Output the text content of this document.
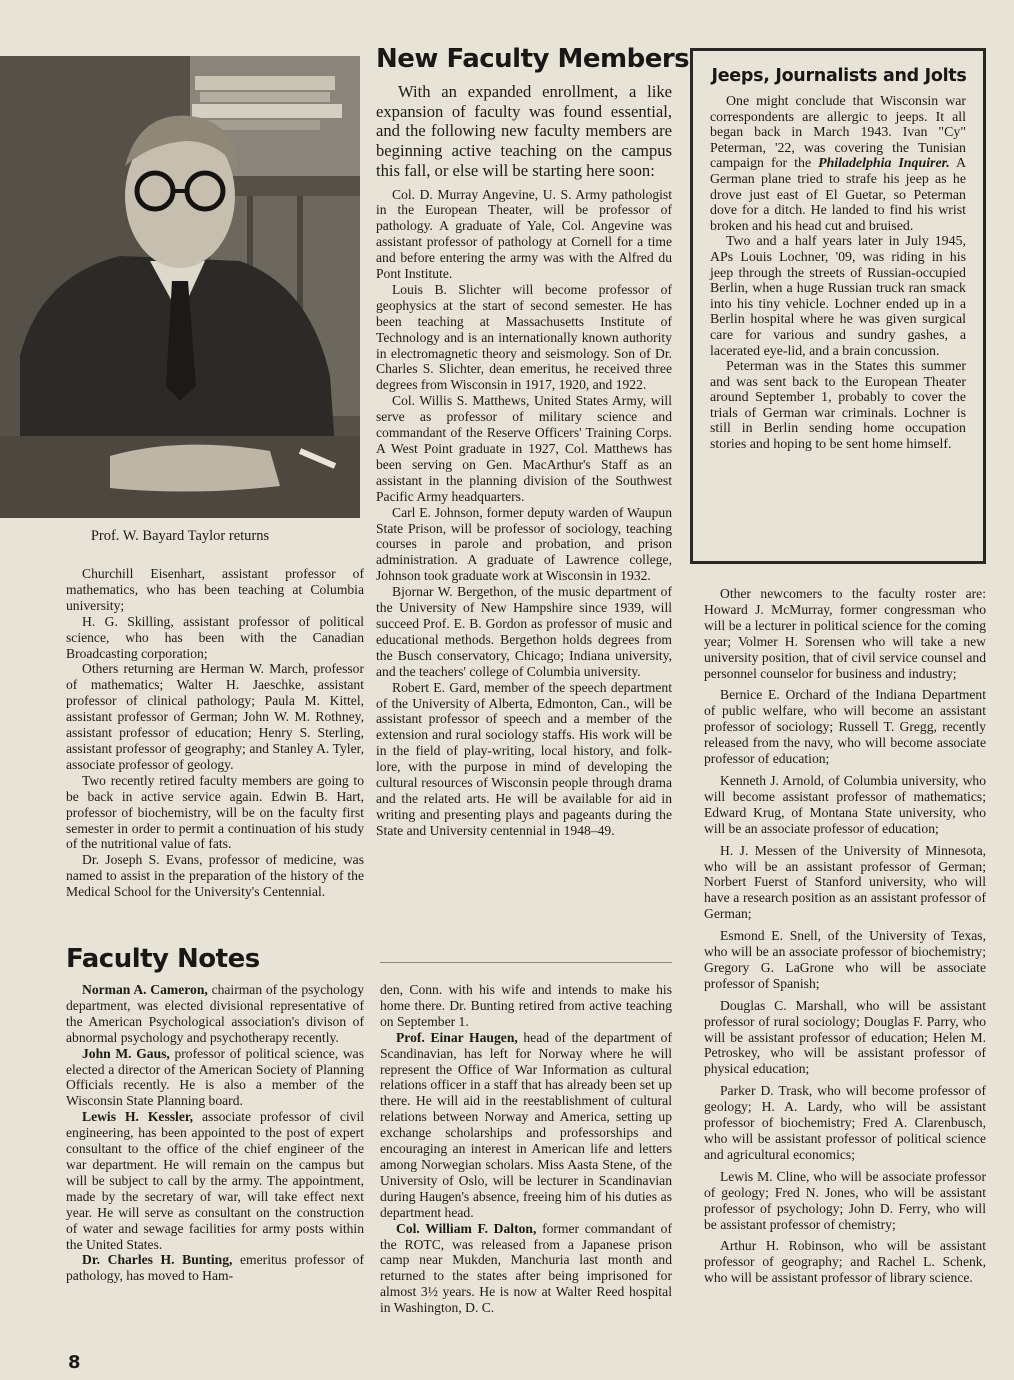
Prof. W. Bayard Taylor returns
New Faculty Members

With an expanded enrollment, a like expansion of faculty was found essential, and the following new faculty members are beginning active teaching on the campus this fall, or else will be starting here soon:

Col. D. Murray Angevine, U. S. Army pathologist in the European Theater, will be professor of pathology. A graduate of Yale, Col. Angevine was assistant professor of pathology at Cornell for a time and before entering the army was with the Alfred du Pont Institute.

Louis B. Slichter will become professor of geophysics at the start of second semester. He has been teaching at Massachusetts Institute of Technology and is an internationally known authority in electromagnetic theory and seismology. Son of Dr. Charles S. Slichter, dean emeritus, he received three degrees from Wisconsin in 1917, 1920, and 1922.

Col. Willis S. Matthews, United States Army, will serve as professor of military science and commandant of the Reserve Officers' Training Corps. A West Point graduate in 1927, Col. Matthews has been serving on Gen. MacArthur's Staff as an assistant in the planning division of the Southwest Pacific Army headquarters.

Carl E. Johnson, former deputy warden of Waupun State Prison, will be professor of sociology, teaching courses in parole and probation, and prison administration. A graduate of Lawrence college, Johnson took graduate work at Wisconsin in 1932.

Bjornar W. Bergethon, of the music department of the University of New Hampshire since 1939, will succeed Prof. E. B. Gordon as professor of music and educational methods. Bergethon holds degrees from the Busch conservatory, Chicago; Indiana university, and the teachers' college of Columbia university.

Robert E. Gard, member of the speech department of the University of Alberta, Edmonton, Can., will be assistant professor of speech and a member of the extension and rural sociology staffs. His work will be in the field of play-writing, local history, and folk-lore, with the purpose in mind of developing the cultural resources of Wisconsin people through drama and the related arts. He will be available for aid in writing and presenting plays and pageants during the State and University centennial in 1948–49.

Churchill Eisenhart, assistant professor of mathematics, who has been teaching at Columbia university;

H. G. Skilling, assistant professor of political science, who has been with the Canadian Broadcasting corporation;

Others returning are Herman W. March, professor of mathematics; Walter H. Jaeschke, assistant professor of clinical pathology; Paula M. Kittel, assistant professor of German; John W. M. Rothney, assistant professor of education; Henry S. Sterling, assistant professor of geography; and Stanley A. Tyler, associate professor of geology.

Two recently retired faculty members are going to be back in active service again. Edwin B. Hart, professor of biochemistry, will be on the faculty first semester in order to permit a continuation of his study of the nutritional value of fats.

Dr. Joseph S. Evans, professor of medicine, was named to assist in the preparation of the history of the Medical School for the University's Centennial.

Faculty Notes

Norman A. Cameron, chairman of the psychology department, was elected divisional representative of the American Psychological association's divison of abnormal psychology and psychotherapy recently.

John M. Gaus, professor of political science, was elected a director of the American Society of Planning Officials recently. He is also a member of the Wisconsin State Planning board.

Lewis H. Kessler, associate professor of civil engineering, has been appointed to the post of expert consultant to the office of the chief engineer of the war department. He will remain on the campus but will be subject to call by the army. The appointment, made by the secretary of war, will take effect next year. He will serve as consultant on the construction of water and sewage facilities for army posts within the United States.

Dr. Charles H. Bunting, emeritus professor of pathology, has moved to Ham-

den, Conn. with his wife and intends to make his home there. Dr. Bunting retired from active teaching on September 1.

Prof. Einar Haugen, head of the department of Scandinavian, has left for Norway where he will represent the Office of War Information as cultural relations officer in a staff that has already been set up there. He will aid in the reestablishment of cultural relations between Norway and America, setting up exchange scholarships and professorships and encouraging an interest in American life and letters among Norwegian scholars. Miss Aasta Stene, of the University of Oslo, will be lecturer in Scandinavian during Haugen's absence, freeing him of his duties as department head.

Col. William F. Dalton, former commandant of the ROTC, was released from a Japanese prison camp near Mukden, Manchuria last month and returned to the states after being imprisoned for almost 3½ years. He is now at Walter Reed hospital in Washington, D. C.

Jeeps, Journalists and Jolts

One might conclude that Wisconsin war correspondents are allergic to jeeps. It all began back in March 1943. Ivan "Cy" Peterman, '22, was covering the Tunisian campaign for the Philadelphia Inquirer. A German plane tried to strafe his jeep as he drove just east of El Guetar, so Peterman dove for a ditch. He landed to find his wrist broken and his head cut and bruised.

Two and a half years later in July 1945, APs Louis Lochner, '09, was riding in his jeep through the streets of Russian-occupied Berlin, when a huge Russian truck ran smack into his tiny vehicle. Lochner ended up in a Berlin hospital where he was given surgical care for various and sundry gashes, a lacerated eye-lid, and a brain concussion.

Peterman was in the States this summer and was sent back to the European Theater around September 1, probably to cover the trials of German war criminals. Lochner is still in Berlin sending home occupation stories and hoping to be sent home himself.

Other newcomers to the faculty roster are: Howard J. McMurray, former congressman who will be a lecturer in political science for the coming year; Volmer H. Sorensen who will take a new university position, that of civil service counsel and personnel counselor for business and industry;

Bernice E. Orchard of the Indiana Department of public welfare, who will become an assistant professor of sociology; Russell T. Gregg, recently released from the navy, who will become associate professor of education;

Kenneth J. Arnold, of Columbia university, who will become assistant professor of mathematics; Edward Krug, of Montana State university, who will be an associate professor of education;

H. J. Messen of the University of Minnesota, who will be an assistant professor of German; Norbert Fuerst of Stanford university, who will have a research position as an assistant professor of German;

Esmond E. Snell, of the University of Texas, who will be an associate professor of biochemistry; Gregory G. LaGrone who will be associate professor of Spanish;

Douglas C. Marshall, who will be assistant professor of rural sociology; Douglas F. Parry, who will be assistant professor of education; Helen M. Petroskey, who will be assistant professor of physical education;

Parker D. Trask, who will become professor of geology; H. A. Lardy, who will be assistant professor of biochemistry; Fred A. Clarenbusch, who will be assistant professor of political science and agricultural economics;

Lewis M. Cline, who will be associate professor of geology; Fred N. Jones, who will be assistant professor of psychology; John D. Ferry, who will be assistant professor of chemistry;

Arthur H. Robinson, who will be assistant professor of geography; and Rachel L. Schenk, who will be assistant professor of library science.

8
